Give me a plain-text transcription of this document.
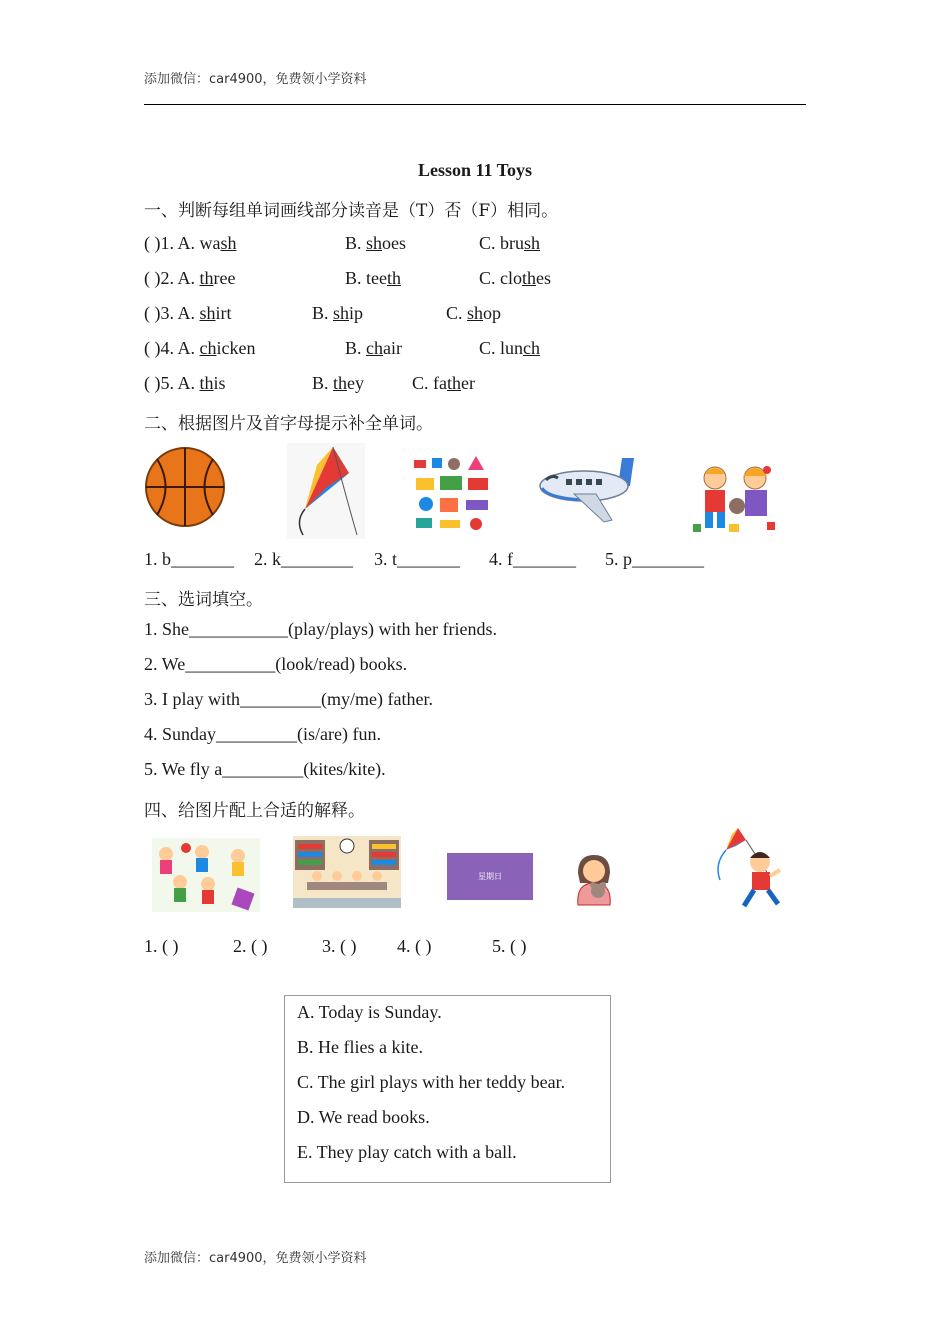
添加微信：car4900，免费领小学资料
Lesson 11 Toys
一、判断每组单词画线部分读音是（T）否（F）相同。
( )1. A. wash	B. shoes	C. brush
( )2. A. three	B. teeth	C. clothes
( )3. A. shirt	B. ship	C. shop
( )4. A. chicken	B. chair	C. lunch
( )5. A. this	B. they	C. father
二、根据图片及首字母提示补全单词。
1. b_______ 2. k________ 3. t_______ 4. f_______ 5. p________
三、选词填空。
1. She___________(play/plays) with her friends.
2. We__________(look/read) books.
3. I play with_________(my/me) father.
4. Sunday_________(is/are) fun.
5. We fly a_________(kites/kite).
四、给图片配上合适的解释。
星期日
1. ( )	2. ( )	3. ( ) 4. ( )	5. ( )
A. Today is Sunday.
B. He flies a kite.
C. The girl plays with her teddy bear.
D. We read books.
E. They play catch with a ball.
添加微信：car4900，免费领小学资料
